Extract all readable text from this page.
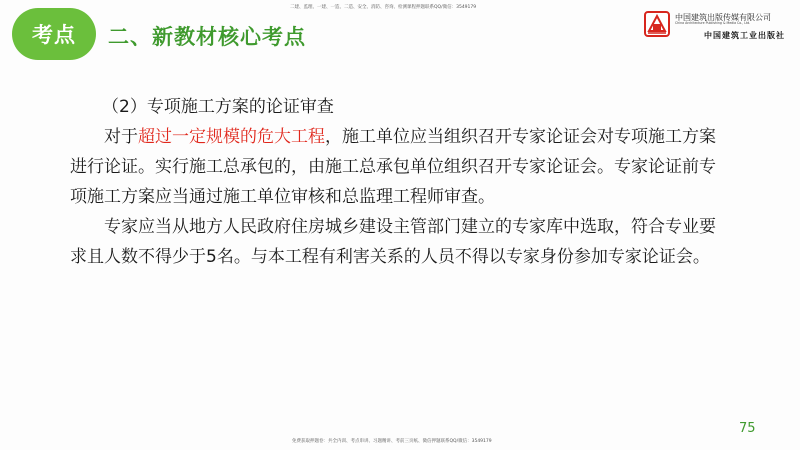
考点 二、新教材核心考点
二建、监理、一建、一造、二造、安全、消防、咨询、检测课程押题联系QQ/微信：3549179
中国建筑出版传媒有限公司
China Architecture Publishing & Media Co., Ltd.
中国建筑工业出版社

（2）专项施工方案的论证审查

对于超过一定规模的危大工程，施工单位应当组织召开专家论证会对专项施工方案进行论证。实行施工总承包的，由施工总承包单位组织召开专家论证会。专家论证前专项施工方案应当通过施工单位审核和总监理工程师审查。

专家应当从地方人民政府住房城乡建设主管部门建立的专家库中选取，符合专业要求且人数不得少于5名。与本工程有利害关系的人员不得以专家身份参加专家论证会。

75
免费获取押题卷：共全内训、考点串讲、习题精讲、考前三页纸、微信押题联系QQ/微信：3549179
